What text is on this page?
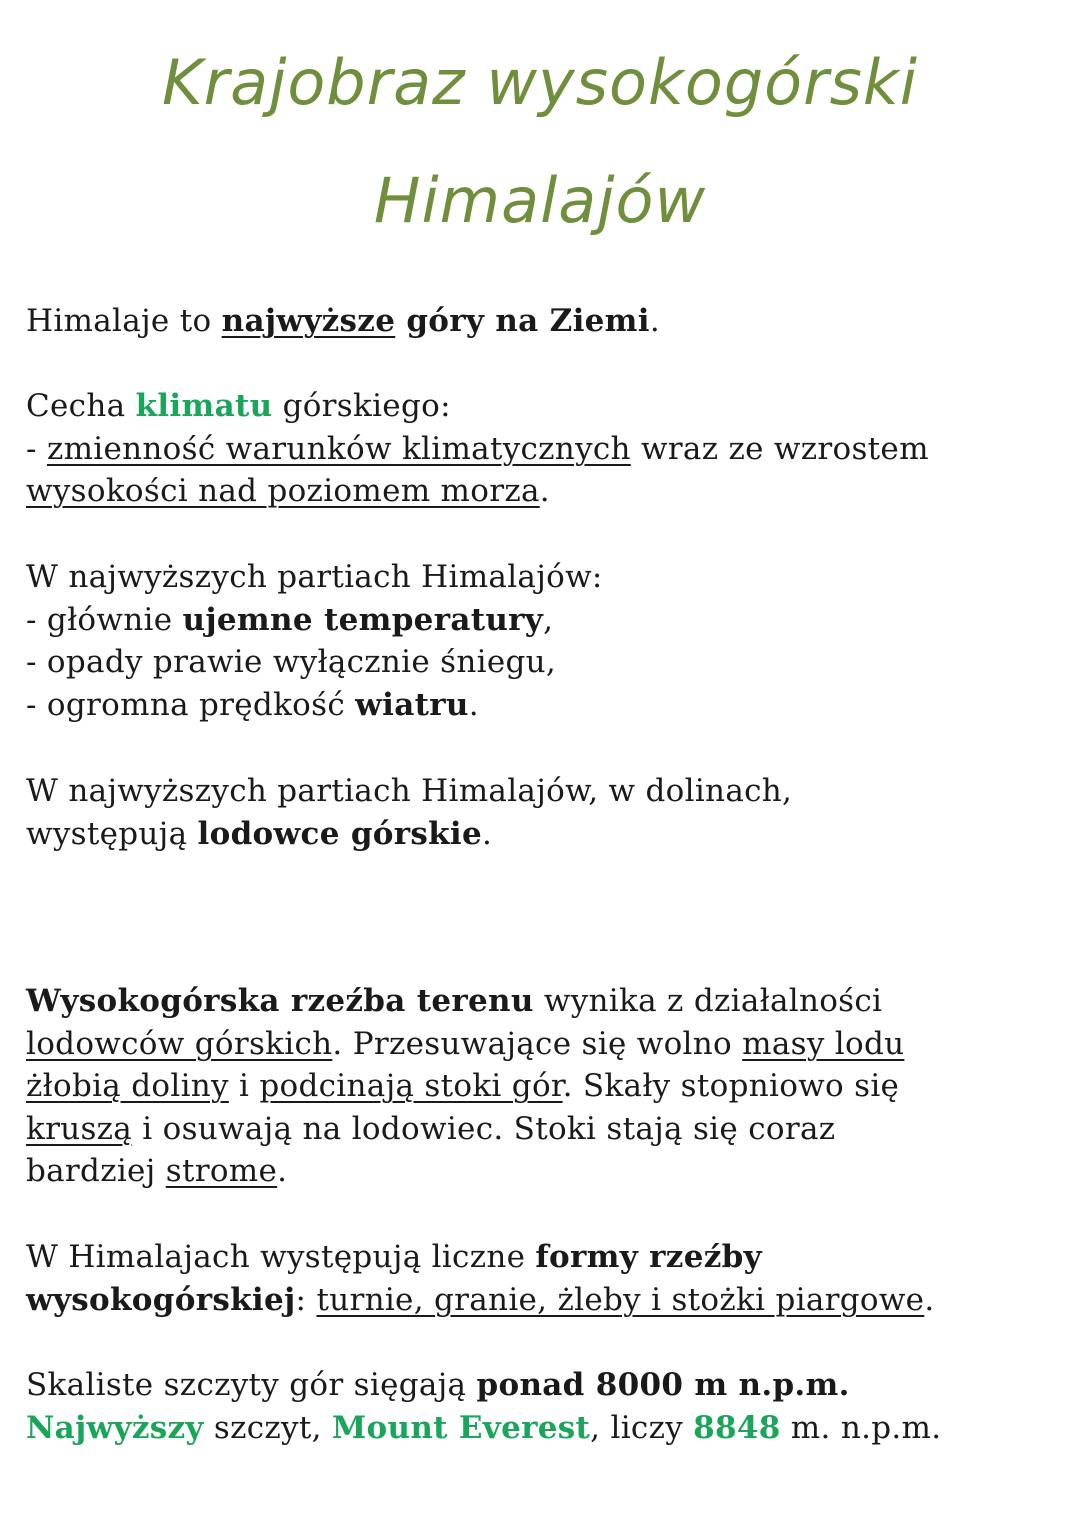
Krajobraz wysokogórski
Himalajów
Himalaje to najwyższe góry na Ziemi.
Cecha klimatu górskiego:
- zmienność warunków klimatycznych wraz ze wzrostem
wysokości nad poziomem morza.
W najwyższych partiach Himalajów:
- głównie ujemne temperatury,
- opady prawie wyłącznie śniegu,
- ogromna prędkość wiatru.
W najwyższych partiach Himalajów, w dolinach,
występują lodowce górskie.
Wysokogórska rzeźba terenu wynika z działalności
lodowców górskich. Przesuwające się wolno masy lodu
żłobią doliny i podcinają stoki gór. Skały stopniowo się
kruszą i osuwają na lodowiec. Stoki stają się coraz
bardziej strome.
W Himalajach występują liczne formy rzeźby
wysokogórskiej: turnie, granie, żleby i stożki piargowe.
Skaliste szczyty gór sięgają ponad 8000 m n.p.m.
Najwyższy szczyt, Mount Everest, liczy 8848 m. n.p.m.
